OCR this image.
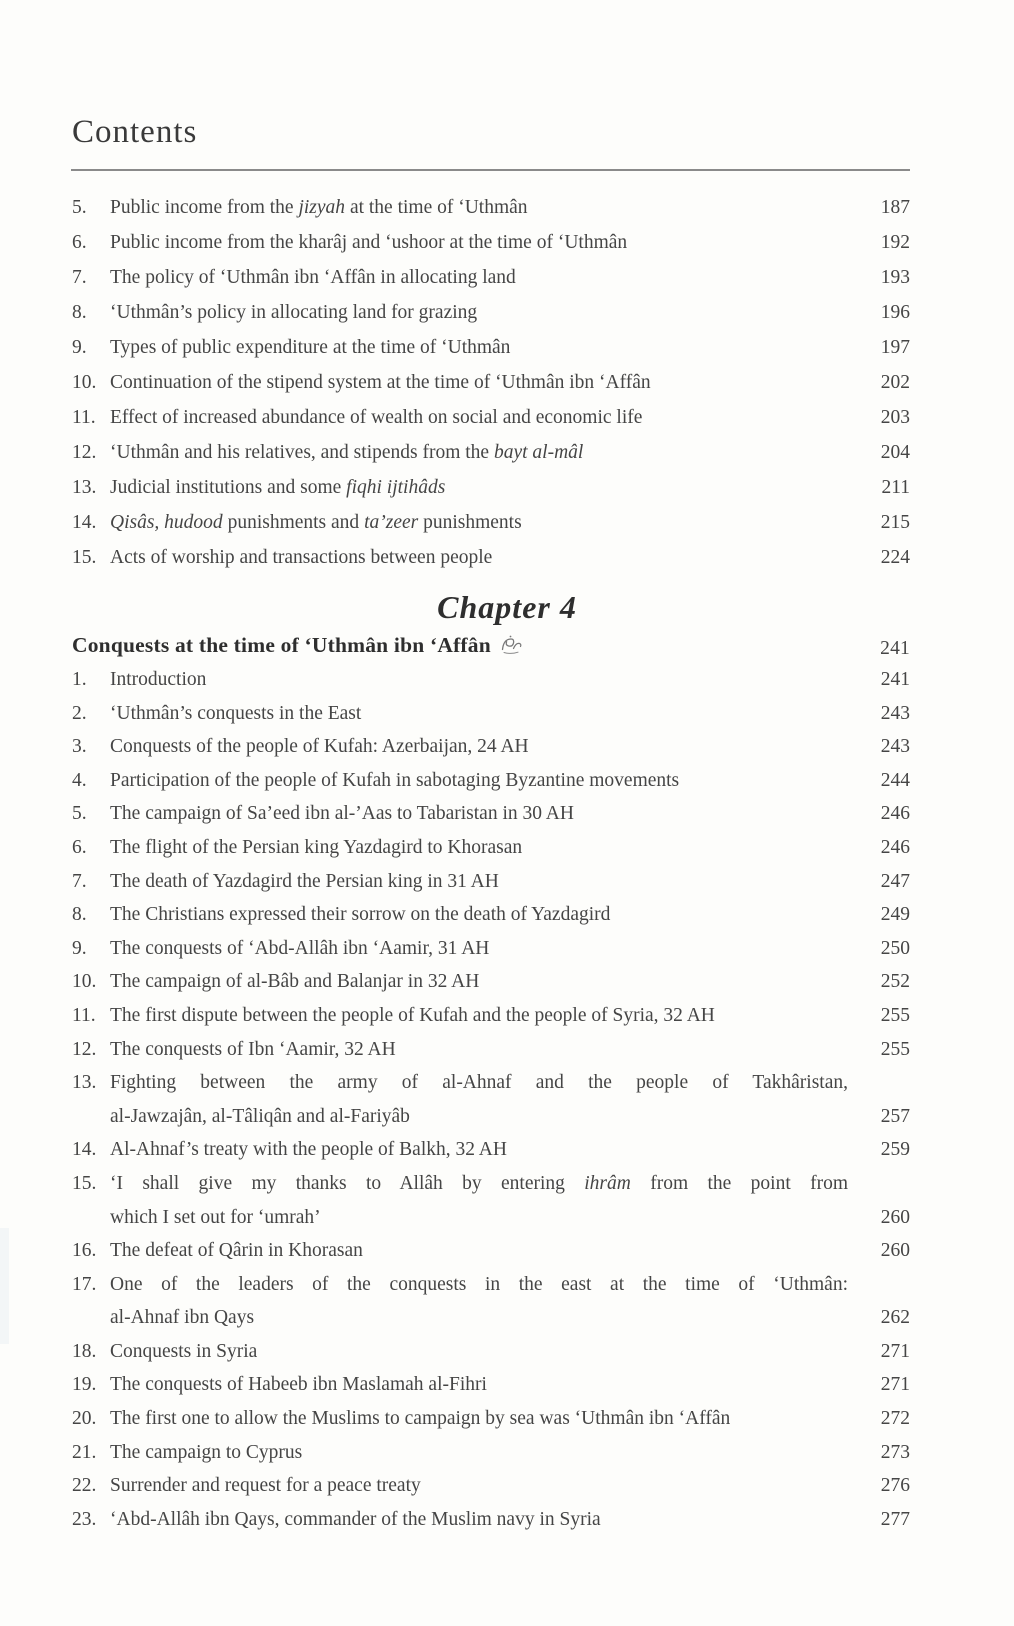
Contents
5.	Public income from the jizyah at the time of ‘Uthmân	187
6.	Public income from the kharâj and ‘ushoor at the time of ‘Uthmân	192
7.	The policy of ‘Uthmân ibn ‘Affân in allocating land	193
8.	‘Uthmân’s policy in allocating land for grazing	196
9.	Types of public expenditure at the time of ‘Uthmân	197
10. Continuation of the stipend system at the time of ‘Uthmân ibn ‘Affân	202
11. Effect of increased abundance of wealth on social and economic life	203
12. ‘Uthmân and his relatives, and stipends from the bayt al-mâl	204
13. Judicial institutions and some fiqhi ijtihâds	211
14. Qisâs, hudood punishments and ta’zeer punishments	215
15. Acts of worship and transactions between people	224
Chapter 4
Conquests at the time of ‘Uthmân ibn ‘Affân	241
1.	Introduction	241
2.	‘Uthmân’s conquests in the East	243
3.	Conquests of the people of Kufah: Azerbaijan, 24 AH	243
4.	Participation of the people of Kufah in sabotaging Byzantine movements	244
5.	The campaign of Sa’eed ibn al-’Aas to Tabaristan in 30 AH	246
6.	The flight of the Persian king Yazdagird to Khorasan	246
7.	The death of Yazdagird the Persian king in 31 AH	247
8.	The Christians expressed their sorrow on the death of Yazdagird	249
9.	The conquests of ‘Abd-Allâh ibn ‘Aamir, 31 AH	250
10. The campaign of al-Bâb and Balanjar in 32 AH	252
11. The first dispute between the people of Kufah and the people of Syria, 32 AH	255
12. The conquests of Ibn ‘Aamir, 32 AH	255
13. Fighting between the army of al-Ahnaf and the people of Takhâristan,
al-Jawzajân, al-Tâliqân and al-Fariyâb	257
14. Al-Ahnaf’s treaty with the people of Balkh, 32 AH	259
15. ‘I shall give my thanks to Allâh by entering ihrâm from the point from
which I set out for ‘umrah’	260
16. The defeat of Qârin in Khorasan	260
17. One of the leaders of the conquests in the east at the time of ‘Uthmân:
al-Ahnaf ibn Qays	262
18. Conquests in Syria	271
19. The conquests of Habeeb ibn Maslamah al-Fihri	271
20. The first one to allow the Muslims to campaign by sea was ‘Uthmân ibn ‘Affân	272
21. The campaign to Cyprus	273
22. Surrender and request for a peace treaty	276
23. ‘Abd-Allâh ibn Qays, commander of the Muslim navy in Syria	277
